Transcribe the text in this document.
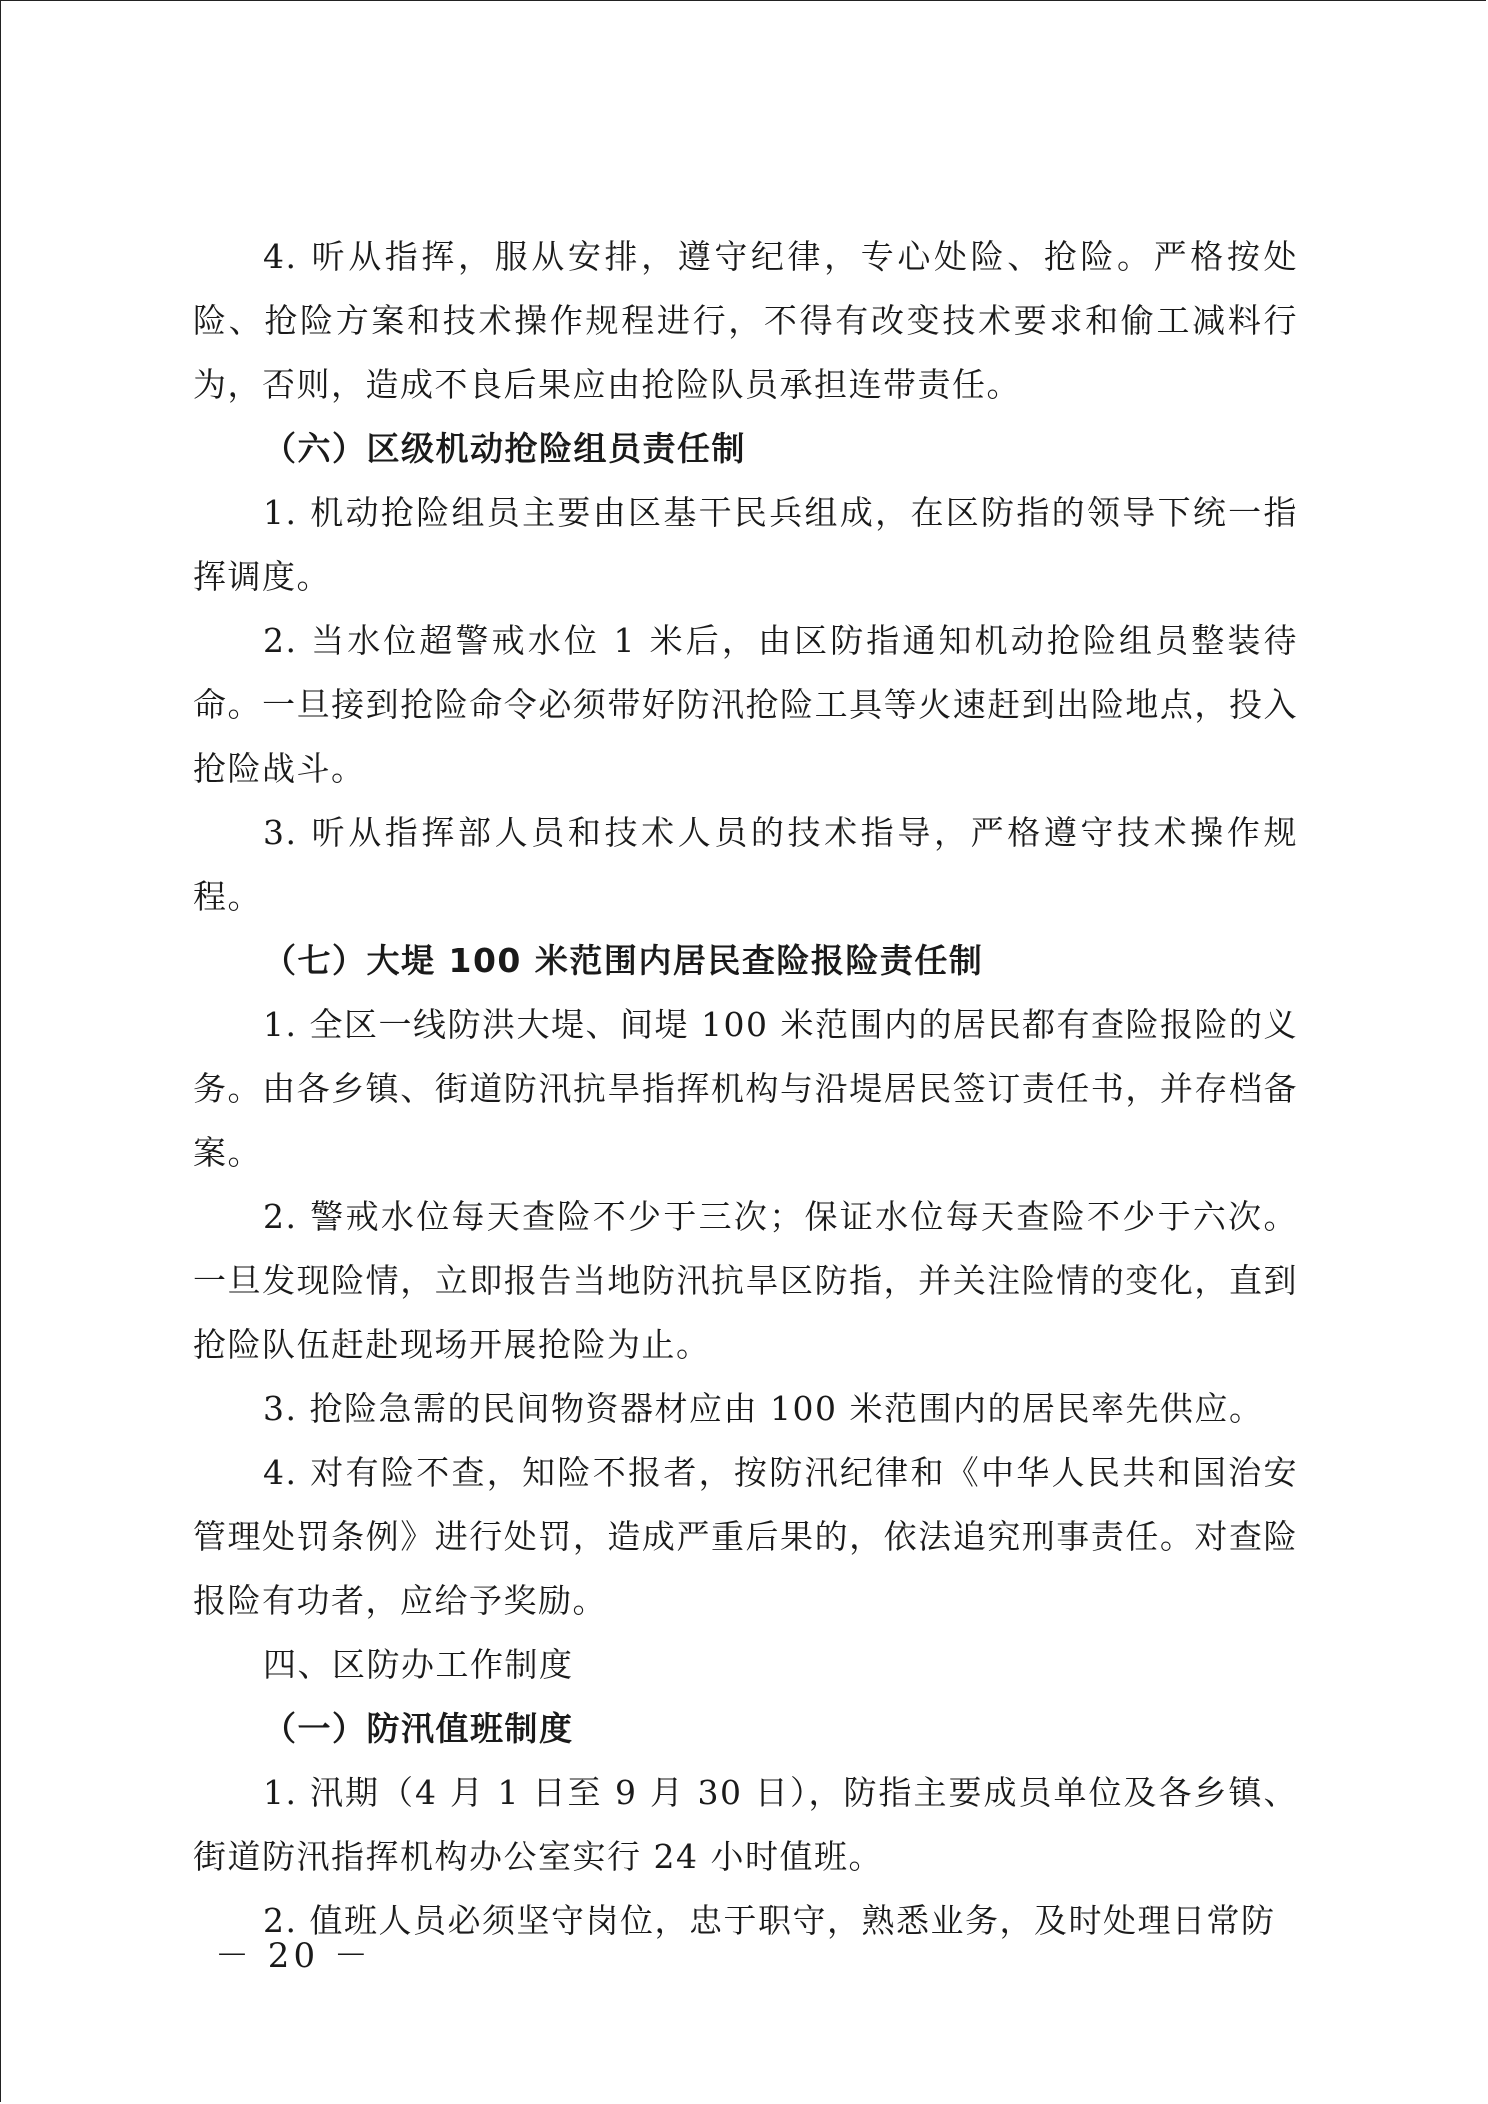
4. 听从指挥，服从安排，遵守纪律，专心处险、抢险。严格按处险、抢险方案和技术操作规程进行，不得有改变技术要求和偷工减料行为，否则，造成不良后果应由抢险队员承担连带责任。

（六）区级机动抢险组员责任制

1. 机动抢险组员主要由区基干民兵组成，在区防指的领导下统一指挥调度。

2. 当水位超警戒水位 1 米后，由区防指通知机动抢险组员整装待命。一旦接到抢险命令必须带好防汛抢险工具等火速赶到出险地点，投入抢险战斗。

3. 听从指挥部人员和技术人员的技术指导，严格遵守技术操作规程。

（七）大堤 100 米范围内居民查险报险责任制

1. 全区一线防洪大堤、间堤 100 米范围内的居民都有查险报险的义务。由各乡镇、街道防汛抗旱指挥机构与沿堤居民签订责任书，并存档备案。

2. 警戒水位每天查险不少于三次；保证水位每天查险不少于六次。一旦发现险情，立即报告当地防汛抗旱区防指，并关注险情的变化，直到抢险队伍赶赴现场开展抢险为止。

3. 抢险急需的民间物资器材应由 100 米范围内的居民率先供应。

4. 对有险不查，知险不报者，按防汛纪律和《中华人民共和国治安管理处罚条例》进行处罚，造成严重后果的，依法追究刑事责任。对查险报险有功者，应给予奖励。

四、区防办工作制度

（一）防汛值班制度

1. 汛期（4 月 1 日至 9 月 30 日），防指主要成员单位及各乡镇、街道防汛指挥机构办公室实行 24 小时值班。

2. 值班人员必须坚守岗位，忠于职守，熟悉业务，及时处理日常防

－ 20 －
